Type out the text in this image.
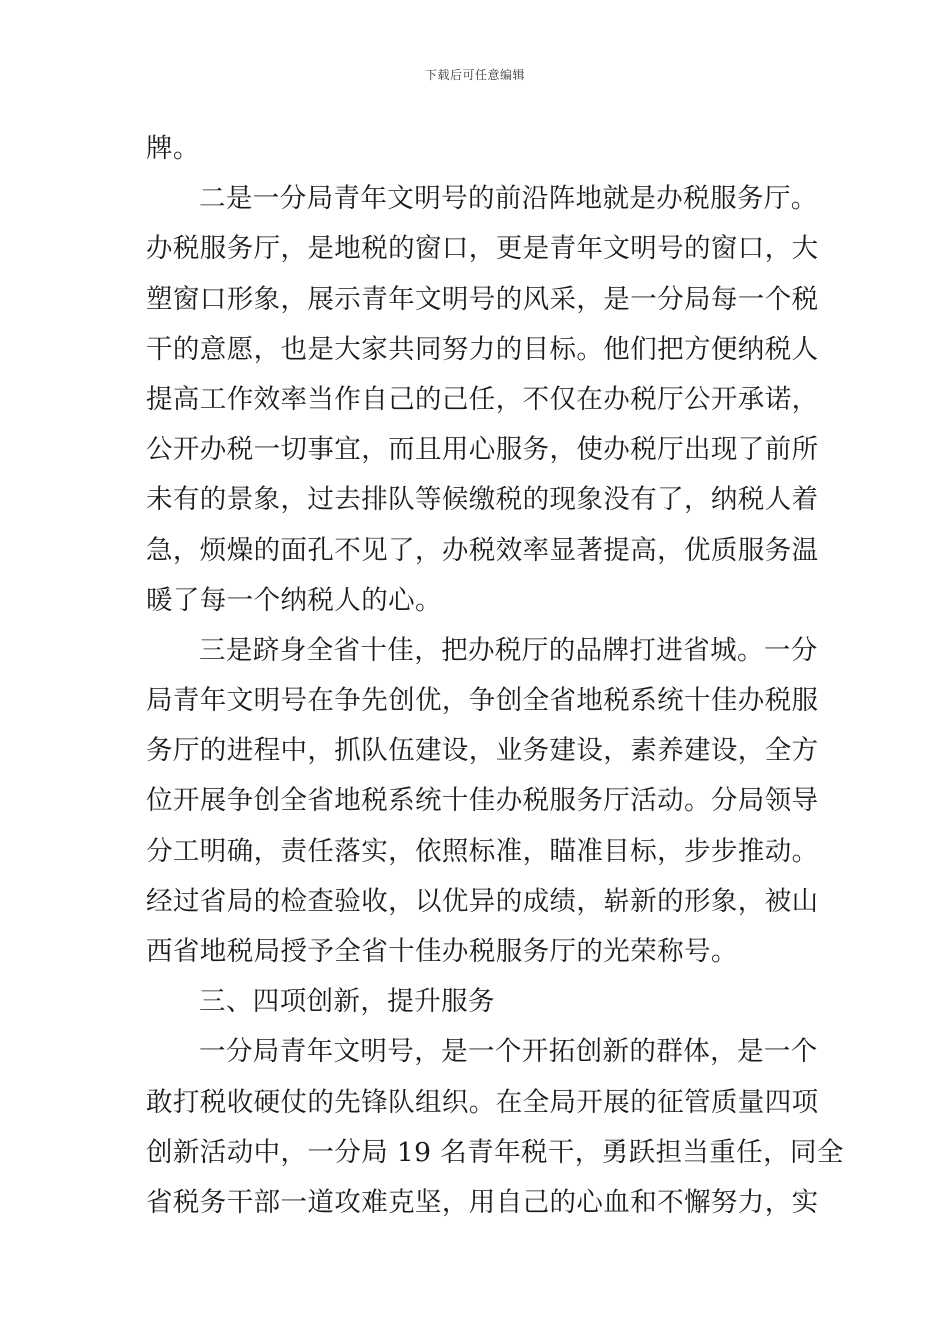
下载后可任意编辑
牌。
二是一分局青年文明号的前沿阵地就是办税服务厅。
办税服务厅，是地税的窗口，更是青年文明号的窗口，大
塑窗口形象，展示青年文明号的风采，是一分局每一个税
干的意愿，也是大家共同努力的目标。他们把方便纳税人
提高工作效率当作自己的己任，不仅在办税厅公开承诺，
公开办税一切事宜，而且用心服务，使办税厅出现了前所
未有的景象，过去排队等候缴税的现象没有了，纳税人着
急，烦燥的面孔不见了，办税效率显著提高，优质服务温
暖了每一个纳税人的心。
三是跻身全省十佳，把办税厅的品牌打进省城。一分
局青年文明号在争先创优，争创全省地税系统十佳办税服
务厅的进程中，抓队伍建设，业务建设，素养建设，全方
位开展争创全省地税系统十佳办税服务厅活动。分局领导
分工明确，责任落实，依照标准，瞄准目标，步步推动。
经过省局的检查验收，以优异的成绩，崭新的形象，被山
西省地税局授予全省十佳办税服务厅的光荣称号。
三、四项创新，提升服务
一分局青年文明号，是一个开拓创新的群体，是一个
敢打税收硬仗的先锋队组织。在全局开展的征管质量四项
创新活动中，一分局 19 名青年税干，勇跃担当重任，同全
省税务干部一道攻难克坚，用自己的心血和不懈努力，实
